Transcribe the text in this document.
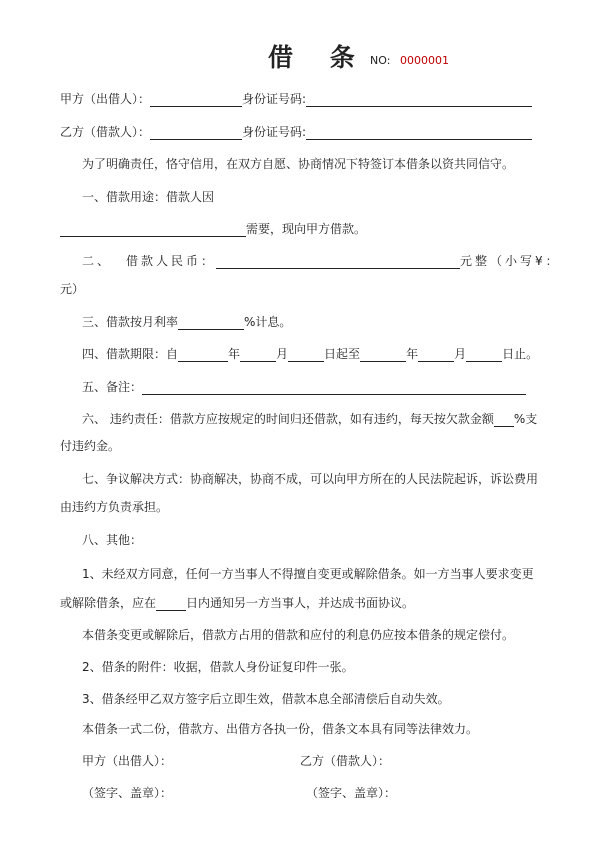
借 条 NO: 0000001
甲方（出借人）：	身份证号码:
乙方（借款人）：	身份证号码:
为了明确责任，恪守信用，在双方自愿、协商情况下特签订本借条以资共同信守。
一、借款用途：借款人因
需要，现向甲方借款。
二、 借款人民币：	元整（小写¥：
元）
三、借款按月利率	%计息。
四、借款期限：自	年	月	日起至	年	月	日止。
五、备注：
六、 违约责任：借款方应按规定的时间归还借款，如有违约，每天按欠款金额 %支
付违约金。
七、争议解决方式：协商解决，协商不成，可以向甲方所在的人民法院起诉，诉讼费用
由违约方负责承担。
八、其他：
1、未经双方同意，任何一方当事人不得擅自变更或解除借条。如一方当事人要求变更
或解除借条，应在	日内通知另一方当事人，并达成书面协议。
本借条变更或解除后，借款方占用的借款和应付的利息仍应按本借条的规定偿付。
2、借条的附件：收据，借款人身份证复印件一张。
3、借条经甲乙双方签字后立即生效，借款本息全部清偿后自动失效。
本借条一式二份，借款方、出借方各执一份，借条文本具有同等法律效力。
甲方（出借人）：	乙方（借款人）：
（签字、盖章）：	（签字、盖章）：
